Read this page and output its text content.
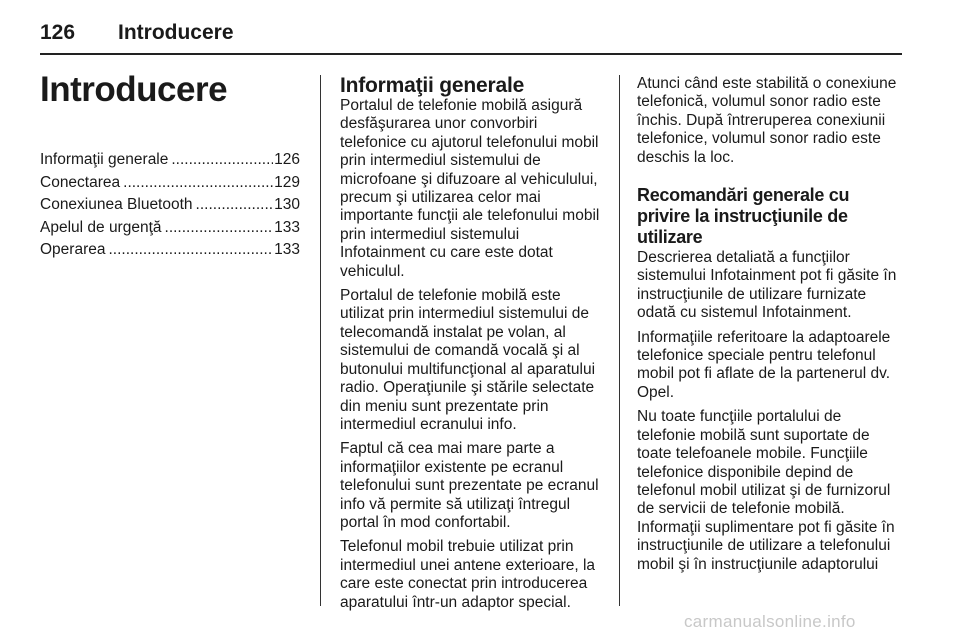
126 Introducere
Introducere
Informaţii generale .....	126
Conectarea .....	129
Conexiunea Bluetooth .....	130
Apelul de urgenţă .....	133
Operarea .....	133
Informaţii generale

Portalul de telefonie mobilă asigură desfăşurarea unor convorbiri telefonice cu ajutorul telefonului mobil prin intermediul sistemului de microfoane şi difuzoare al vehiculului, precum şi utilizarea celor mai importante funcţii ale telefonului mobil prin intermediul sistemului Infotainment cu care este dotat vehiculul.

Portalul de telefonie mobilă este utilizat prin intermediul sistemului de telecomandă instalat pe volan, al sistemului de comandă vocală şi al butonului multifuncţional al aparatului radio. Operaţiunile şi stările selectate din meniu sunt prezentate prin intermediul ecranului info.

Faptul că cea mai mare parte a informaţiilor existente pe ecranul telefonului sunt prezentate pe ecranul info vă permite să utilizaţi întregul portal în mod confortabil.

Telefonul mobil trebuie utilizat prin intermediul unei antene exterioare, la care este conectat prin introducerea aparatului într-un adaptor special.

Atunci când este stabilită o conexiune telefonică, volumul sonor radio este închis. După întreruperea conexiunii telefonice, volumul sonor radio este deschis la loc.

Recomandări generale cu privire la instrucţiunile de utilizare

Descrierea detaliată a funcţiilor sistemului Infotainment pot fi găsite în instrucţiunile de utilizare furnizate odată cu sistemul Infotainment.

Informaţiile referitoare la adaptoarele telefonice speciale pentru telefonul mobil pot fi aflate de la partenerul dv. Opel.

Nu toate funcţiile portalului de telefonie mobilă sunt suportate de toate telefoanele mobile. Funcţiile telefonice disponibile depind de telefonul mobil utilizat şi de furnizorul de servicii de telefonie mobilă. Informaţii suplimentare pot fi găsite în instrucţiunile de utilizare a telefonului mobil şi în instrucţiunile adaptorului

carmanualsonline.info
